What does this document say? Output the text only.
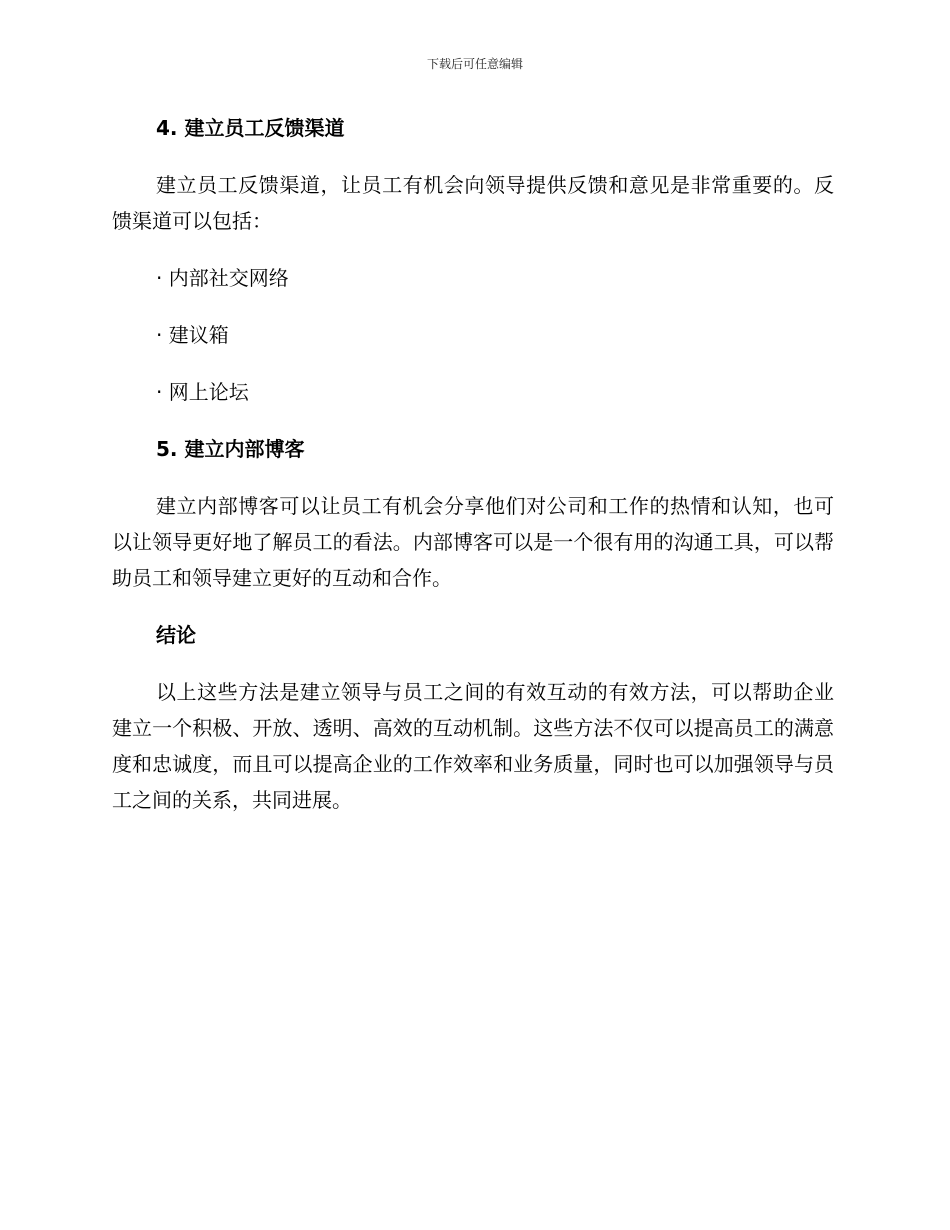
下载后可任意编辑
4. 建立员工反馈渠道

建立员工反馈渠道，让员工有机会向领导提供反馈和意见是非常重要的。反馈渠道可以包括：

· 内部社交网络

· 建议箱

· 网上论坛

5. 建立内部博客

建立内部博客可以让员工有机会分享他们对公司和工作的热情和认知，也可以让领导更好地了解员工的看法。内部博客可以是一个很有用的沟通工具，可以帮助员工和领导建立更好的互动和合作。

结论

以上这些方法是建立领导与员工之间的有效互动的有效方法，可以帮助企业建立一个积极、开放、透明、高效的互动机制。这些方法不仅可以提高员工的满意度和忠诚度，而且可以提高企业的工作效率和业务质量，同时也可以加强领导与员工之间的关系，共同进展。
